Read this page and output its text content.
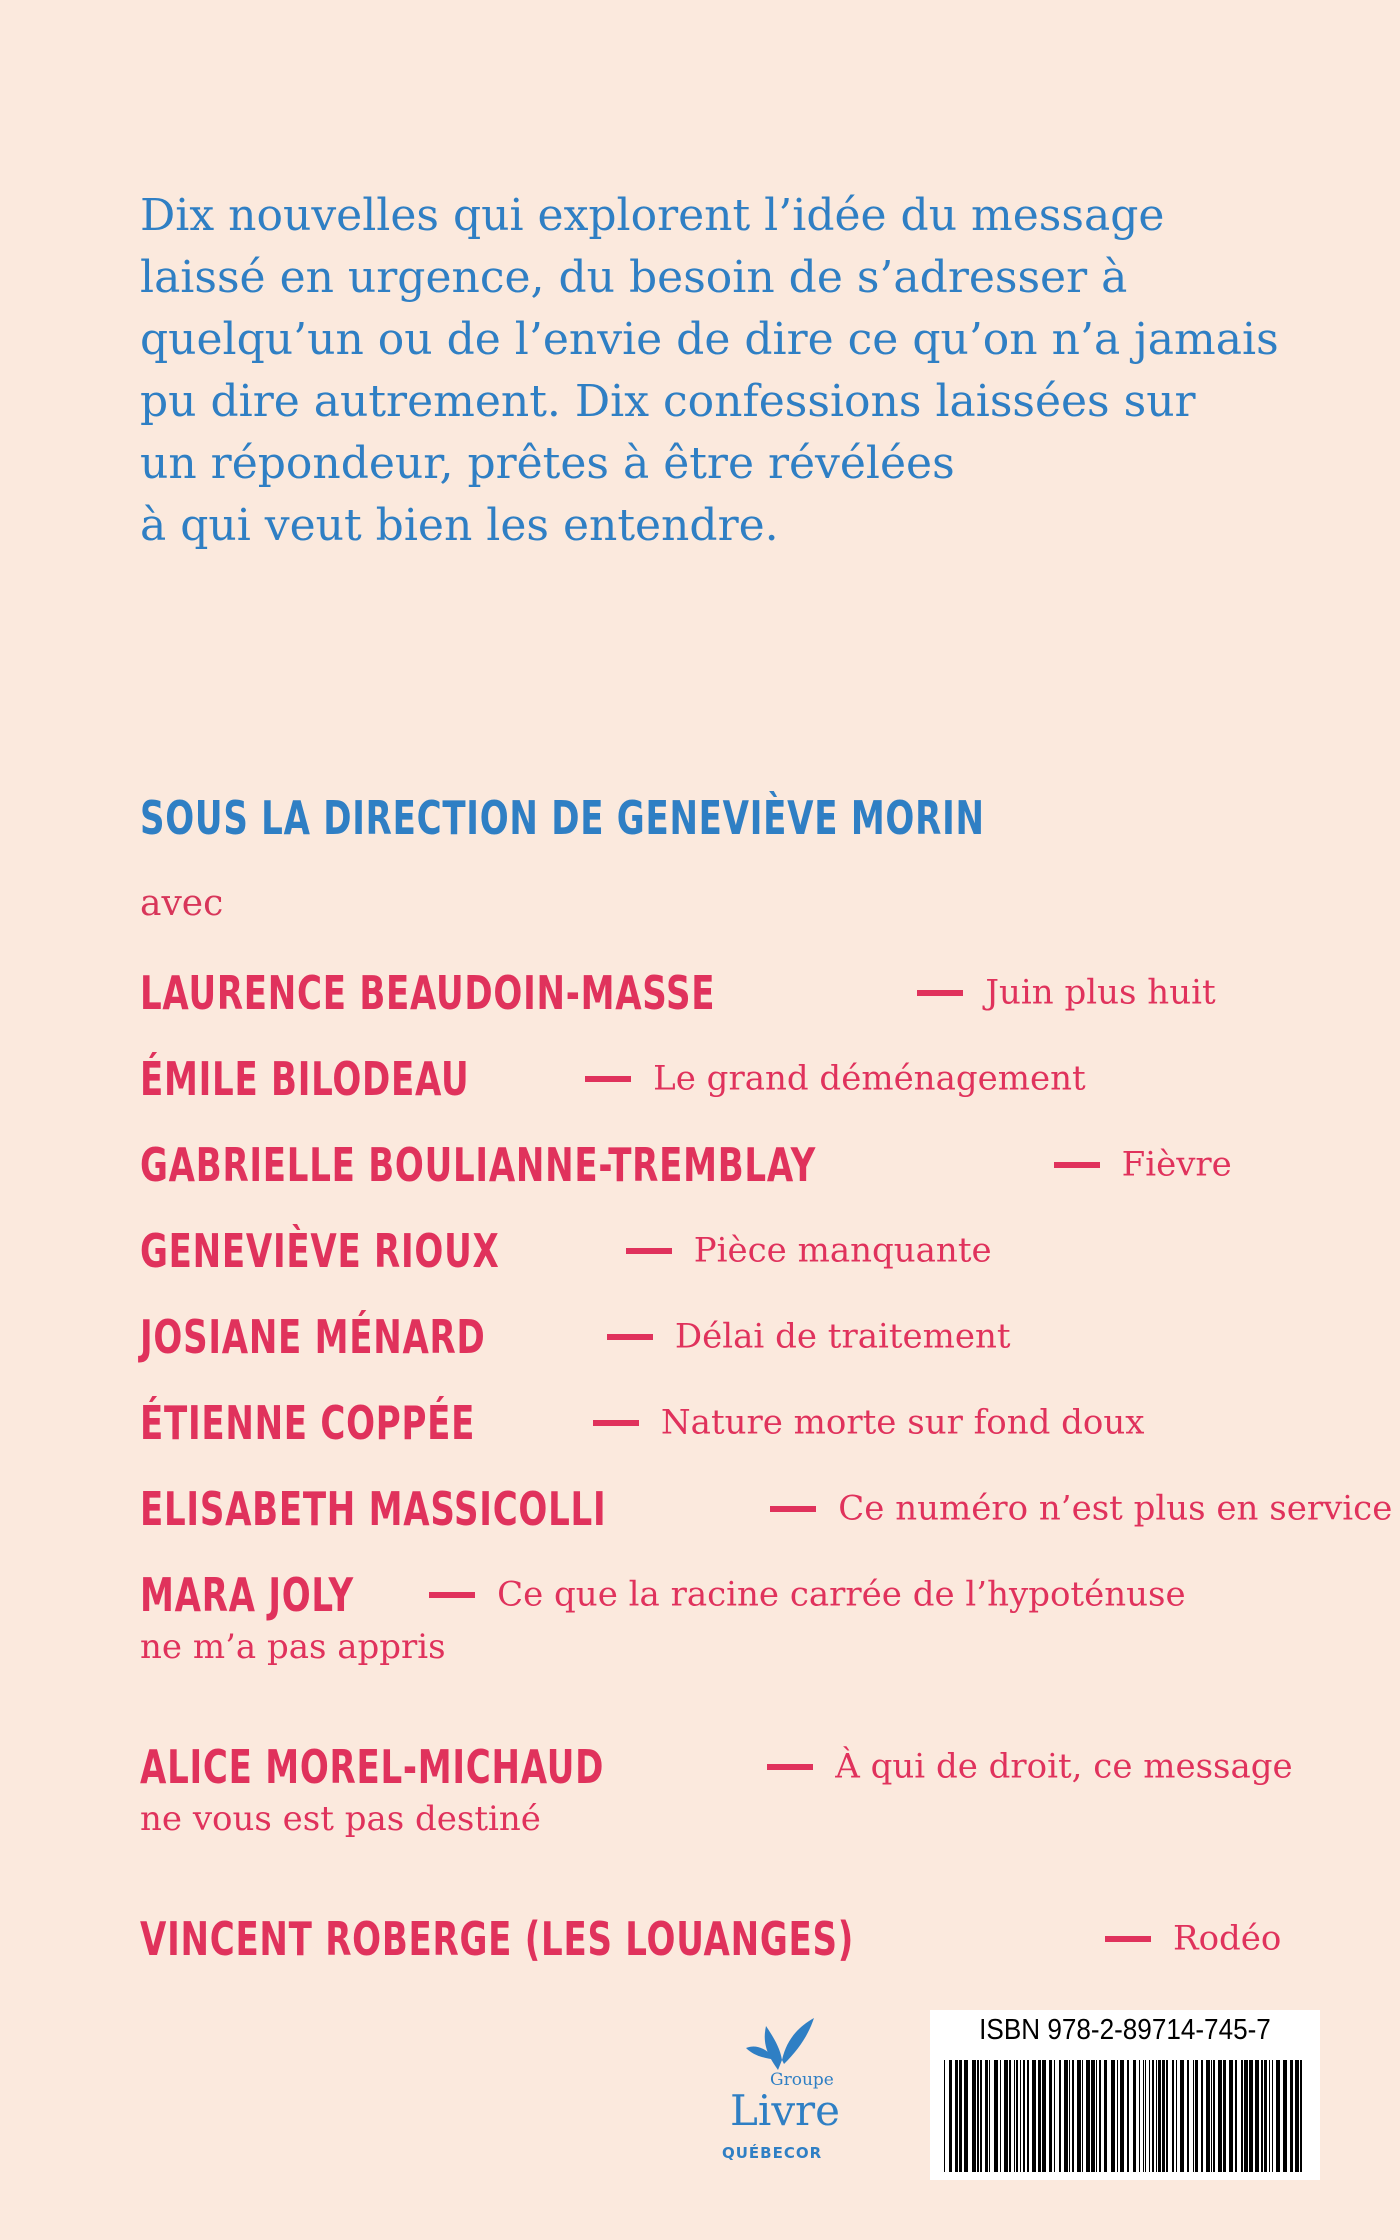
Dix nouvelles qui explorent l’idée du message
laissé en urgence, du besoin de s’adresser à
quelqu’un ou de l’envie de dire ce qu’on n’a jamais
pu dire autrement. Dix confessions laissées sur
un répondeur, prêtes à être révélées
à qui veut bien les entendre.

SOUS LA DIRECTION DE GENEVIÈVE MORIN
avec
LAURENCE BEAUDOIN-MASSE	Juin plus huit
ÉMILE BILODEAU	Le grand déménagement
GABRIELLE BOULIANNE-TREMBLAY	Fièvre
GENEVIÈVE RIOUX	Pièce manquante
JOSIANE MÉNARD	Délai de traitement
ÉTIENNE COPPÉE	Nature morte sur fond doux
ELISABETH MASSICOLLI	Ce numéro n’est plus en service
MARA JOLY	Ce que la racine carrée de l’hypoténuse
ne m’a pas appris
ALICE MOREL-MICHAUD	À qui de droit, ce message
ne vous est pas destiné
VINCENT ROBERGE (LES LOUANGES)	Rodéo
Groupe
Livre
QUÉBECOR
ISBN 978-2-89714-745-7
